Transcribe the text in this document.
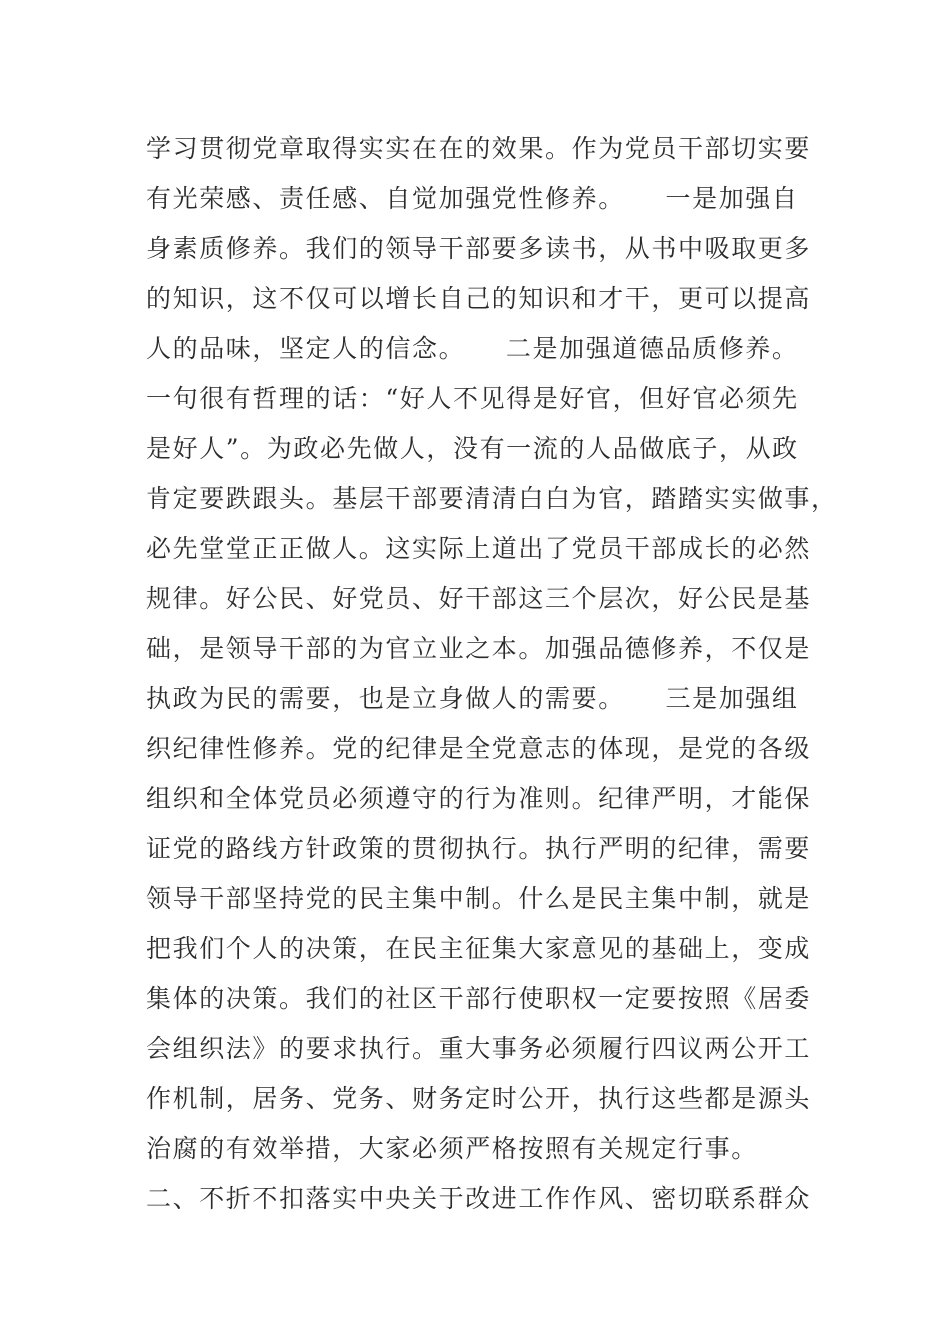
学习贯彻党章取得实实在在的效果。作为党员干部切实要
有光荣感、责任感、自觉加强党性修养。　　一是加强自
身素质修养。我们的领导干部要多读书，从书中吸取更多
的知识，这不仅可以增长自己的知识和才干，更可以提高
人的品味，坚定人的信念。　　二是加强道德品质修养。
一句很有哲理的话：“好人不见得是好官，但好官必须先
是好人”。为政必先做人，没有一流的人品做底子，从政
肯定要跌跟头。基层干部要清清白白为官，踏踏实实做事，
必先堂堂正正做人。这实际上道出了党员干部成长的必然
规律。好公民、好党员、好干部这三个层次，好公民是基
础，是领导干部的为官立业之本。加强品德修养，不仅是
执政为民的需要，也是立身做人的需要。　　三是加强组
织纪律性修养。党的纪律是全党意志的体现，是党的各级
组织和全体党员必须遵守的行为准则。纪律严明，才能保
证党的路线方针政策的贯彻执行。执行严明的纪律，需要
领导干部坚持党的民主集中制。什么是民主集中制，就是
把我们个人的决策，在民主征集大家意见的基础上，变成
集体的决策。我们的社区干部行使职权一定要按照《居委
会组织法》的要求执行。重大事务必须履行四议两公开工
作机制，居务、党务、财务定时公开，执行这些都是源头
治腐的有效举措，大家必须严格按照有关规定行事。
二、不折不扣落实中央关于改进工作作风、密切联系群众
